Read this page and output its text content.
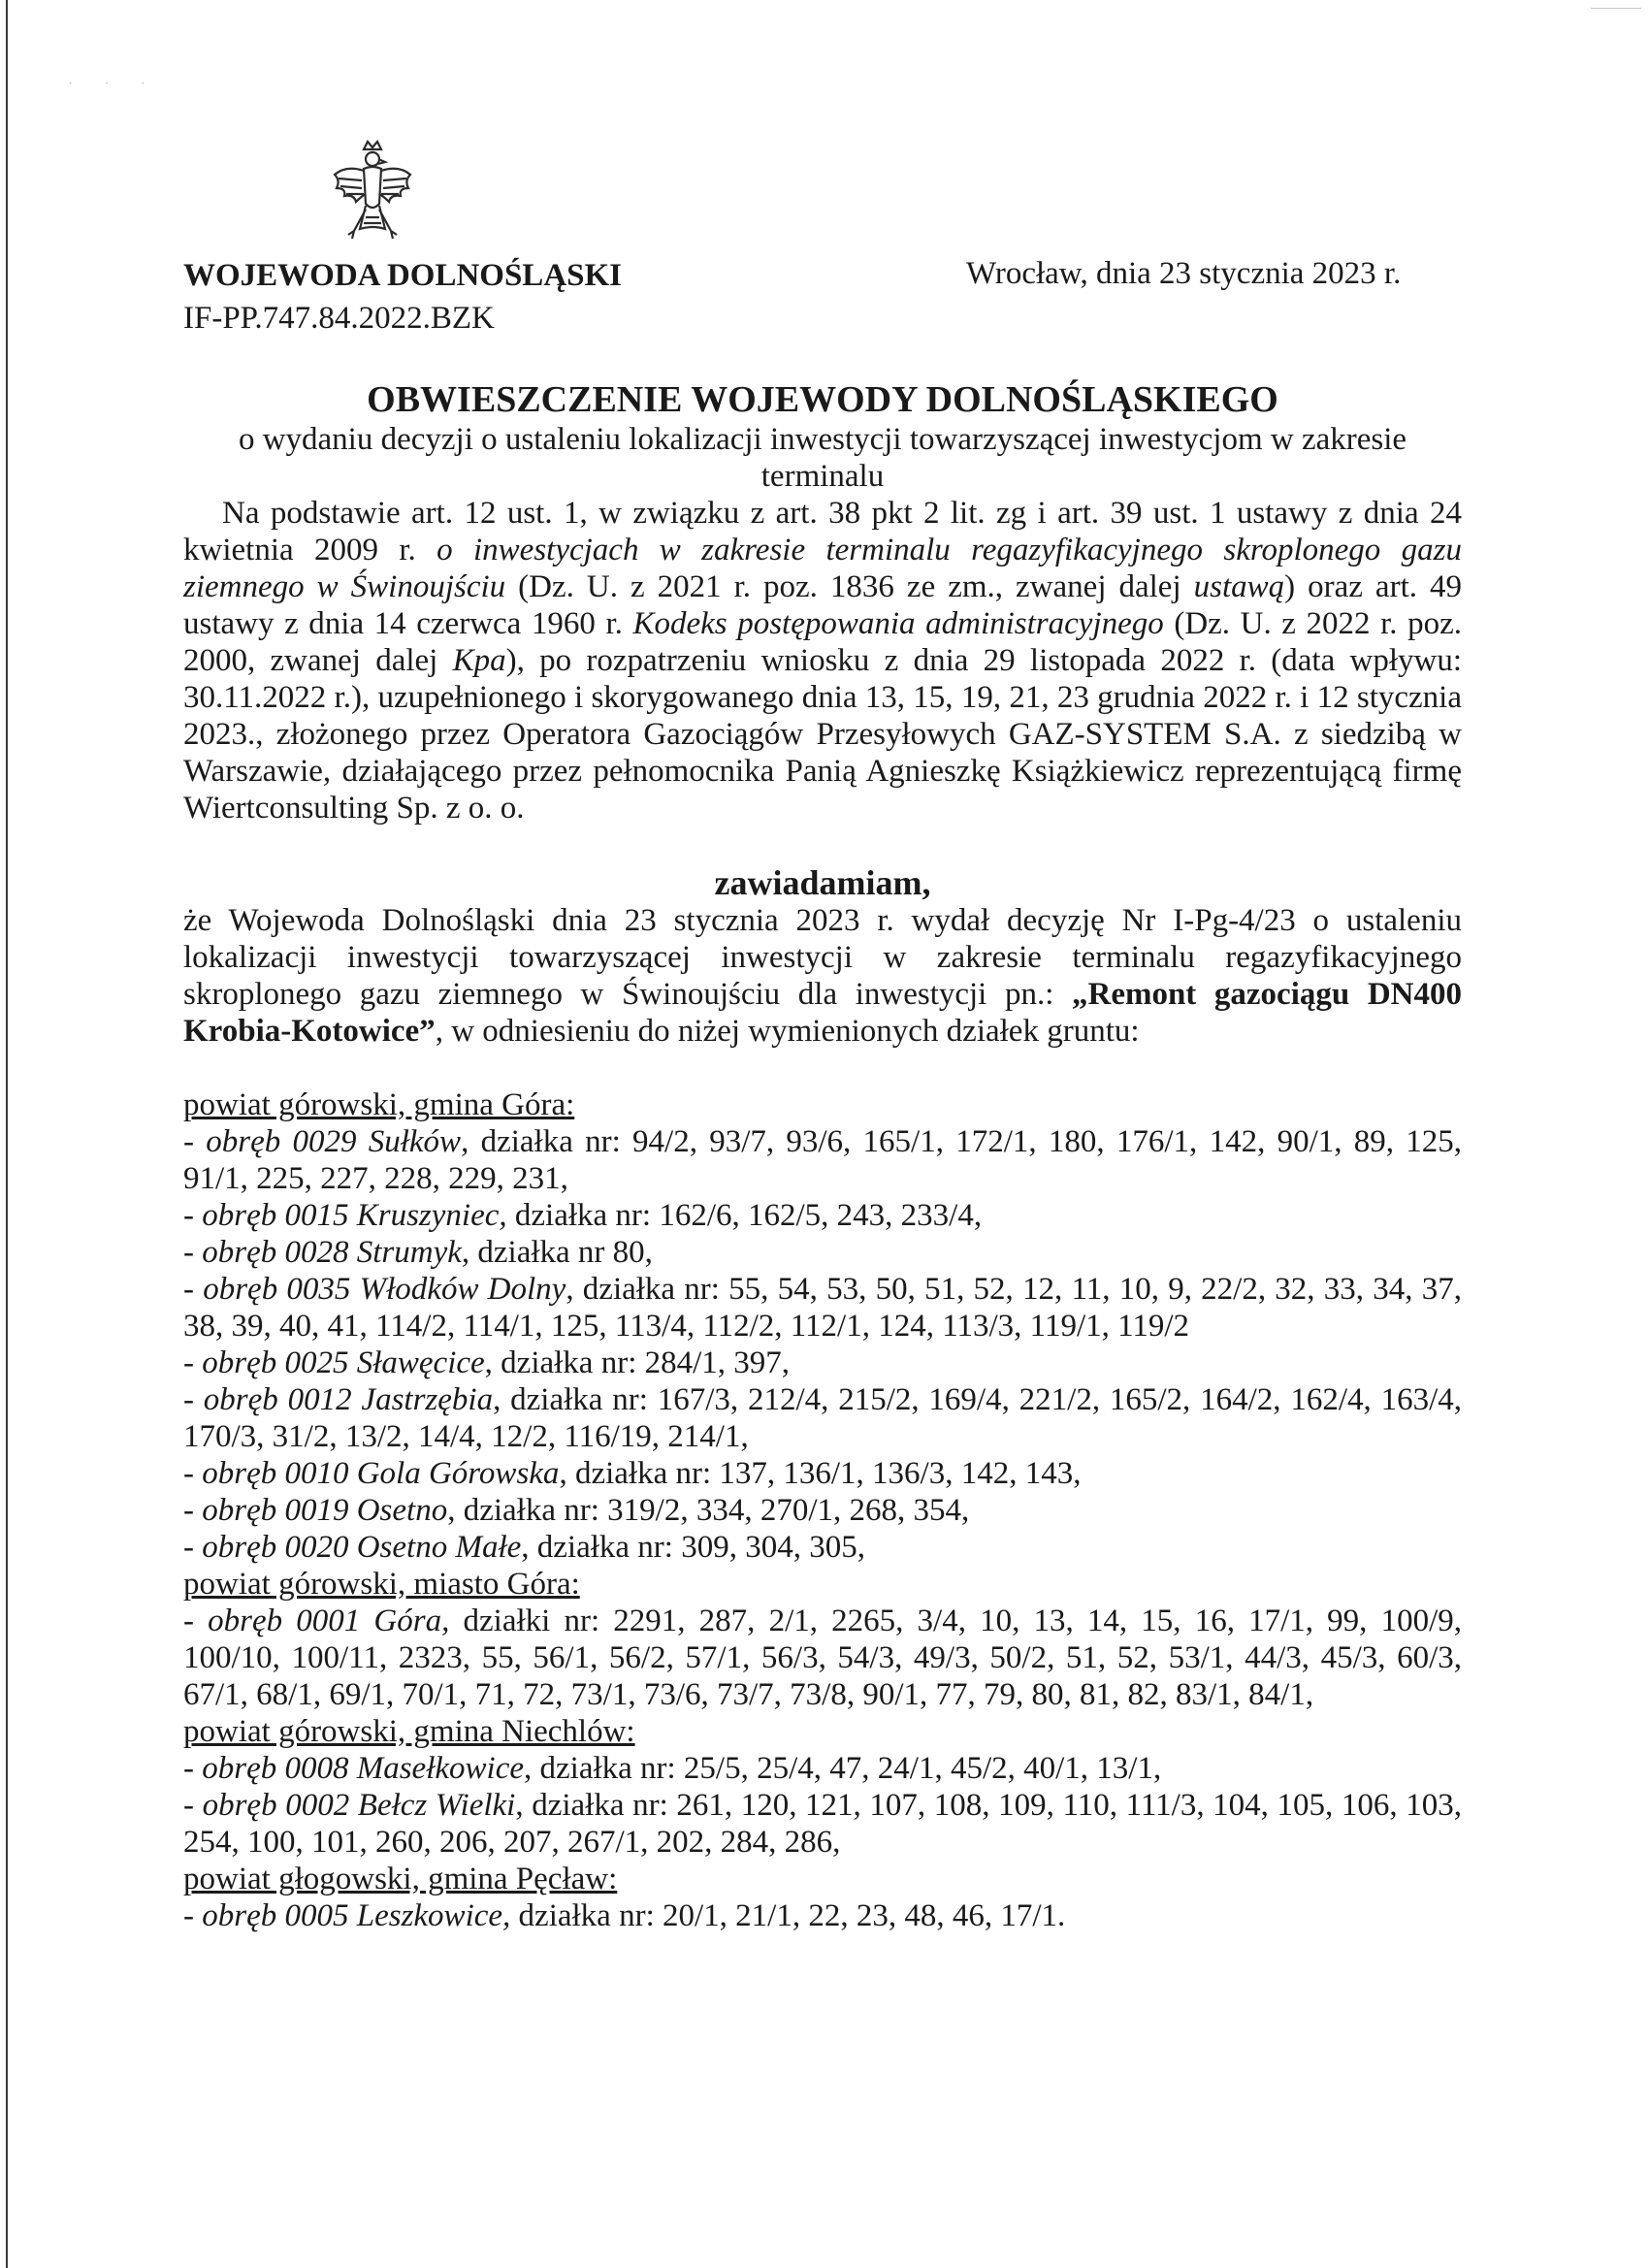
· · ·
WOJEWODA DOLNOŚLĄSKI
IF-PP.747.84.2022.BZK
Wrocław, dnia 23 stycznia 2023 r.
OBWIESZCZENIE WOJEWODY DOLNOŚLĄSKIEGO
o wydaniu decyzji o ustaleniu lokalizacji inwestycji towarzyszącej inwestycjom w zakresie terminalu

Na podstawie art. 12 ust. 1, w związku z art. 38 pkt 2 lit. zg i art. 39 ust. 1 ustawy z dnia 24 kwietnia 2009 r. o inwestycjach w zakresie terminalu regazyfikacyjnego skroplonego gazu ziemnego w Świnoujściu (Dz. U. z 2021 r. poz. 1836 ze zm., zwanej dalej ustawą) oraz art. 49 ustawy z dnia 14 czerwca 1960 r. Kodeks postępowania administracyjnego (Dz. U. z 2022 r. poz. 2000, zwanej dalej Kpa), po rozpatrzeniu wniosku z dnia 29 listopada 2022 r. (data wpływu: 30.11.2022 r.), uzupełnionego i skorygowanego dnia 13, 15, 19, 21, 23 grudnia 2022 r. i 12 stycznia 2023., złożonego przez Operatora Gazociągów Przesyłowych GAZ-SYSTEM S.A. z siedzibą w Warszawie, działającego przez pełnomocnika Panią Agnieszkę Książkiewicz reprezentującą firmę Wiertconsulting Sp. z o. o.

zawiadamiam,

że Wojewoda Dolnośląski dnia 23 stycznia 2023 r. wydał decyzję Nr I-Pg-4/23 o ustaleniu lokalizacji inwestycji towarzyszącej inwestycji w zakresie terminalu regazyfikacyjnego skroplonego gazu ziemnego w Świnoujściu dla inwestycji pn.: „Remont gazociągu DN400 Krobia-Kotowice”, w odniesieniu do niżej wymienionych działek gruntu:

powiat górowski, gmina Góra:

- obręb 0029 Sułków, działka nr: 94/2, 93/7, 93/6, 165/1, 172/1, 180, 176/1, 142, 90/1, 89, 125, 91/1, 225, 227, 228, 229, 231,

- obręb 0015 Kruszyniec, działka nr: 162/6, 162/5, 243, 233/4,

- obręb 0028 Strumyk, działka nr 80,

- obręb 0035 Włodków Dolny, działka nr: 55, 54, 53, 50, 51, 52, 12, 11, 10, 9, 22/2, 32, 33, 34, 37, 38, 39, 40, 41, 114/2, 114/1, 125, 113/4, 112/2, 112/1, 124, 113/3, 119/1, 119/2

- obręb 0025 Sławęcice, działka nr: 284/1, 397,

- obręb 0012 Jastrzębia, działka nr: 167/3, 212/4, 215/2, 169/4, 221/2, 165/2, 164/2, 162/4, 163/4, 170/3, 31/2, 13/2, 14/4, 12/2, 116/19, 214/1,

- obręb 0010 Gola Górowska, działka nr: 137, 136/1, 136/3, 142, 143,

- obręb 0019 Osetno, działka nr: 319/2, 334, 270/1, 268, 354,

- obręb 0020 Osetno Małe, działka nr: 309, 304, 305,

powiat górowski, miasto Góra:

- obręb 0001 Góra, działki nr: 2291, 287, 2/1, 2265, 3/4, 10, 13, 14, 15, 16, 17/1, 99, 100/9, 100/10, 100/11, 2323, 55, 56/1, 56/2, 57/1, 56/3, 54/3, 49/3, 50/2, 51, 52, 53/1, 44/3, 45/3, 60/3, 67/1, 68/1, 69/1, 70/1, 71, 72, 73/1, 73/6, 73/7, 73/8, 90/1, 77, 79, 80, 81, 82, 83/1, 84/1,

powiat górowski, gmina Niechlów:

- obręb 0008 Masełkowice, działka nr: 25/5, 25/4, 47, 24/1, 45/2, 40/1, 13/1,

- obręb 0002 Bełcz Wielki, działka nr: 261, 120, 121, 107, 108, 109, 110, 111/3, 104, 105, 106, 103, 254, 100, 101, 260, 206, 207, 267/1, 202, 284, 286,

powiat głogowski, gmina Pęcław:

- obręb 0005 Leszkowice, działka nr: 20/1, 21/1, 22, 23, 48, 46, 17/1.
